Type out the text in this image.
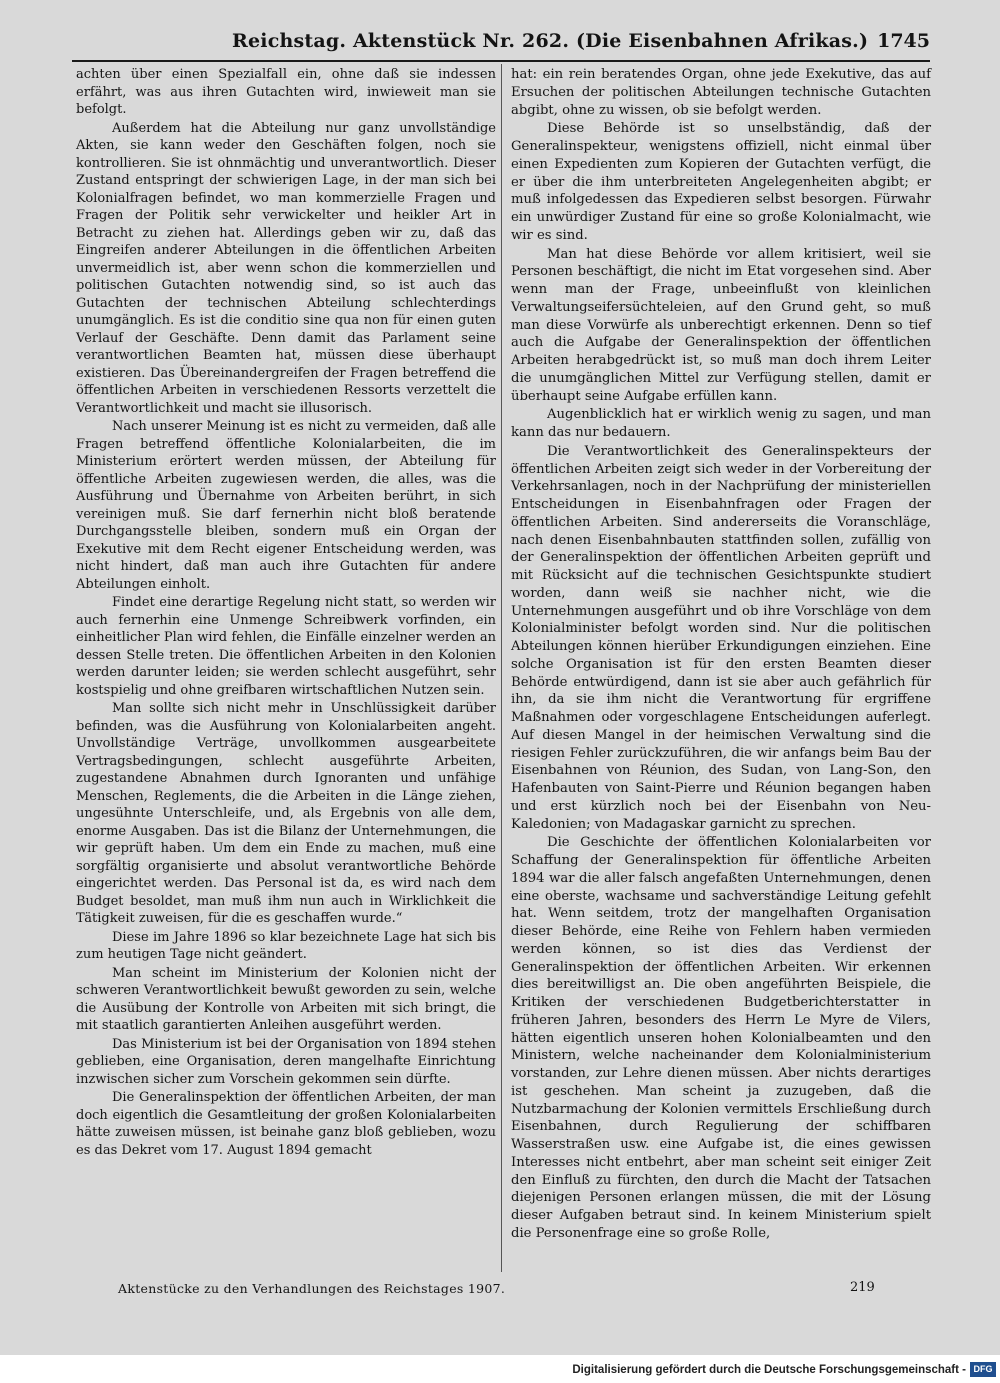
Reichstag. Aktenstück Nr. 262. (Die Eisenbahnen Afrikas.) 1745

achten über einen Spezialfall ein, ohne daß sie indessen erfährt, was aus ihren Gutachten wird, inwieweit man sie befolgt.

Außerdem hat die Abteilung nur ganz unvollständige Akten, sie kann weder den Geschäften folgen, noch sie kontrollieren. Sie ist ohnmächtig und unverantwortlich. Dieser Zustand entspringt der schwierigen Lage, in der man sich bei Kolonialfragen befindet, wo man kommerzielle Fragen und Fragen der Politik sehr verwickelter und heikler Art in Betracht zu ziehen hat. Allerdings geben wir zu, daß das Eingreifen anderer Abteilungen in die öffentlichen Arbeiten unvermeidlich ist, aber wenn schon die kommerziellen und politischen Gutachten notwendig sind, so ist auch das Gutachten der technischen Abteilung schlechterdings unumgänglich. Es ist die conditio sine qua non für einen guten Verlauf der Geschäfte. Denn damit das Parlament seine verantwortlichen Beamten hat, müssen diese überhaupt existieren. Das Übereinandergreifen der Fragen betreffend die öffentlichen Arbeiten in verschiedenen Ressorts verzettelt die Verantwortlichkeit und macht sie illusorisch.

Nach unserer Meinung ist es nicht zu vermeiden, daß alle Fragen betreffend öffentliche Kolonialarbeiten, die im Ministerium erörtert werden müssen, der Abteilung für öffentliche Arbeiten zugewiesen werden, die alles, was die Ausführung und Übernahme von Arbeiten berührt, in sich vereinigen muß. Sie darf fernerhin nicht bloß beratende Durchgangsstelle bleiben, sondern muß ein Organ der Exekutive mit dem Recht eigener Entscheidung werden, was nicht hindert, daß man auch ihre Gutachten für andere Abteilungen einholt.

Findet eine derartige Regelung nicht statt, so werden wir auch fernerhin eine Unmenge Schreibwerk vorfinden, ein einheitlicher Plan wird fehlen, die Einfälle einzelner werden an dessen Stelle treten. Die öffentlichen Arbeiten in den Kolonien werden darunter leiden; sie werden schlecht ausgeführt, sehr kostspielig und ohne greifbaren wirtschaftlichen Nutzen sein.

Man sollte sich nicht mehr in Unschlüssigkeit darüber befinden, was die Ausführung von Kolonialarbeiten angeht. Unvollständige Verträge, unvollkommen ausgearbeitete Vertragsbedingungen, schlecht ausgeführte Arbeiten, zugestandene Abnahmen durch Ignoranten und unfähige Menschen, Reglements, die die Arbeiten in die Länge ziehen, ungesühnte Unterschleife, und, als Ergebnis von alle dem, enorme Ausgaben. Das ist die Bilanz der Unternehmungen, die wir geprüft haben. Um dem ein Ende zu machen, muß eine sorgfältig organisierte und absolut verantwortliche Behörde eingerichtet werden. Das Personal ist da, es wird nach dem Budget besoldet, man muß ihm nun auch in Wirklichkeit die Tätigkeit zuweisen, für die es geschaffen wurde.“

Diese im Jahre 1896 so klar bezeichnete Lage hat sich bis zum heutigen Tage nicht geändert.

Man scheint im Ministerium der Kolonien nicht der schweren Verantwortlichkeit bewußt geworden zu sein, welche die Ausübung der Kontrolle von Arbeiten mit sich bringt, die mit staatlich garantierten Anleihen ausgeführt werden.

Das Ministerium ist bei der Organisation von 1894 stehen geblieben, eine Organisation, deren mangelhafte Einrichtung inzwischen sicher zum Vorschein gekommen sein dürfte.

Die Generalinspektion der öffentlichen Arbeiten, der man doch eigentlich die Gesamtleitung der großen Kolonialarbeiten hätte zuweisen müssen, ist beinahe ganz bloß geblieben, wozu es das Dekret vom 17. August 1894 gemacht

hat: ein rein beratendes Organ, ohne jede Exekutive, das auf Ersuchen der politischen Abteilungen technische Gutachten abgibt, ohne zu wissen, ob sie befolgt werden.

Diese Behörde ist so unselbständig, daß der Generalinspekteur, wenigstens offiziell, nicht einmal über einen Expedienten zum Kopieren der Gutachten verfügt, die er über die ihm unterbreiteten Angelegenheiten abgibt; er muß infolgedessen das Expedieren selbst besorgen. Fürwahr ein unwürdiger Zustand für eine so große Kolonialmacht, wie wir es sind.

Man hat diese Behörde vor allem kritisiert, weil sie Personen beschäftigt, die nicht im Etat vorgesehen sind. Aber wenn man der Frage, unbeeinflußt von kleinlichen Verwaltungseifersüchteleien, auf den Grund geht, so muß man diese Vorwürfe als unberechtigt erkennen. Denn so tief auch die Aufgabe der Generalinspektion der öffentlichen Arbeiten herabgedrückt ist, so muß man doch ihrem Leiter die unumgänglichen Mittel zur Verfügung stellen, damit er überhaupt seine Aufgabe erfüllen kann.

Augenblicklich hat er wirklich wenig zu sagen, und man kann das nur bedauern.

Die Verantwortlichkeit des Generalinspekteurs der öffentlichen Arbeiten zeigt sich weder in der Vorbereitung der Verkehrsanlagen, noch in der Nachprüfung der ministeriellen Entscheidungen in Eisenbahnfragen oder Fragen der öffentlichen Arbeiten. Sind andererseits die Voranschläge, nach denen Eisenbahnbauten stattfinden sollen, zufällig von der Generalinspektion der öffentlichen Arbeiten geprüft und mit Rücksicht auf die technischen Gesichtspunkte studiert worden, dann weiß sie nachher nicht, wie die Unternehmungen ausgeführt und ob ihre Vorschläge von dem Kolonialminister befolgt worden sind. Nur die politischen Abteilungen können hierüber Erkundigungen einziehen. Eine solche Organisation ist für den ersten Beamten dieser Behörde entwürdigend, dann ist sie aber auch gefährlich für ihn, da sie ihm nicht die Verantwortung für ergriffene Maßnahmen oder vorgeschlagene Entscheidungen auferlegt. Auf diesen Mangel in der heimischen Verwaltung sind die riesigen Fehler zurückzuführen, die wir anfangs beim Bau der Eisenbahnen von Réunion, des Sudan, von Lang-Son, den Hafenbauten von Saint-Pierre und Réunion begangen haben und erst kürzlich noch bei der Eisenbahn von Neu-Kaledonien; von Madagaskar garnicht zu sprechen.

Die Geschichte der öffentlichen Kolonialarbeiten vor Schaffung der Generalinspektion für öffentliche Arbeiten 1894 war die aller falsch angefaßten Unternehmungen, denen eine oberste, wachsame und sachverständige Leitung gefehlt hat. Wenn seitdem, trotz der mangelhaften Organisation dieser Behörde, eine Reihe von Fehlern haben vermieden werden können, so ist dies das Verdienst der Generalinspektion der öffentlichen Arbeiten. Wir erkennen dies bereitwilligst an. Die oben angeführten Beispiele, die Kritiken der verschiedenen Budgetberichterstatter in früheren Jahren, besonders des Herrn Le Myre de Vilers, hätten eigentlich unseren hohen Kolonialbeamten und den Ministern, welche nacheinander dem Kolonialministerium vorstanden, zur Lehre dienen müssen. Aber nichts derartiges ist geschehen. Man scheint ja zuzugeben, daß die Nutzbarmachung der Kolonien vermittels Erschließung durch Eisenbahnen, durch Regulierung der schiffbaren Wasserstraßen usw. eine Aufgabe ist, die eines gewissen Interesses nicht entbehrt, aber man scheint seit einiger Zeit den Einfluß zu fürchten, den durch die Macht der Tatsachen diejenigen Personen erlangen müssen, die mit der Lösung dieser Aufgaben betraut sind. In keinem Ministerium spielt die Personenfrage eine so große Rolle,

Aktenstücke zu den Verhandlungen des Reichstages 1907.	219
Digitalisierung gefördert durch die Deutsche Forschungsgemeinschaft - DFG
